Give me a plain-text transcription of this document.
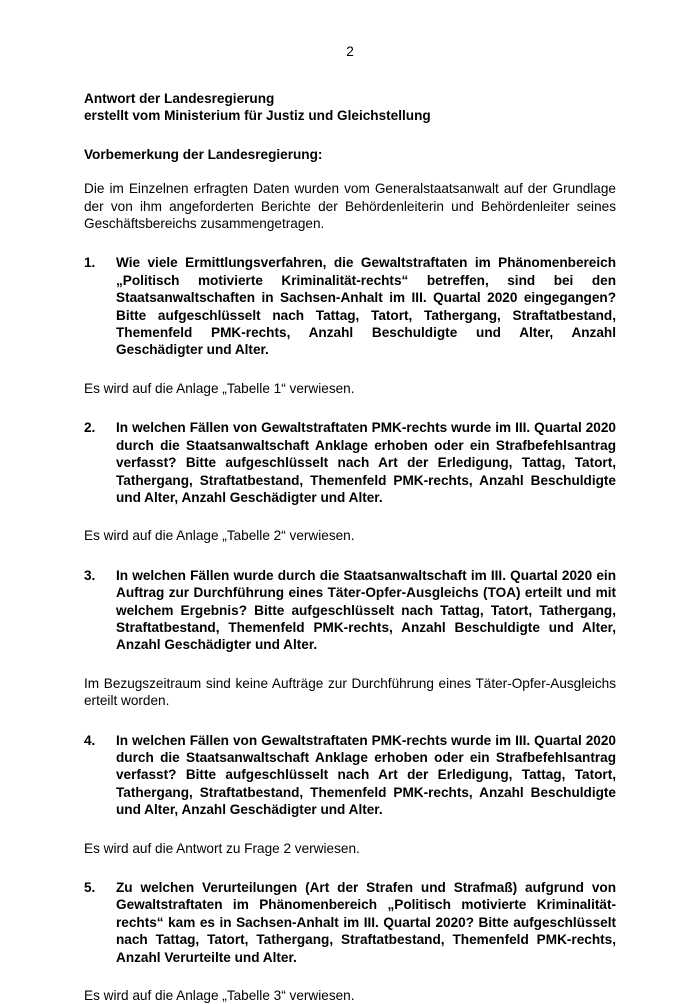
2

Antwort der Landesregierung

erstellt vom Ministerium für Justiz und Gleichstellung

Vorbemerkung der Landesregierung:

Die im Einzelnen erfragten Daten wurden vom Generalstaatsanwalt auf der Grundlage der von ihm angeforderten Berichte der Behördenleiterin und Behördenleiter seines Geschäftsbereichs zusammengetragen.

1.	Wie viele Ermittlungsverfahren, die Gewaltstraftaten im Phänomenbereich „Politisch motivierte Kriminalität-rechts“ betreffen, sind bei den Staatsanwaltschaften in Sachsen-Anhalt im III. Quartal 2020 eingegangen? Bitte aufgeschlüsselt nach Tattag, Tatort, Tathergang, Straftatbestand, Themenfeld PMK-rechts, Anzahl Beschuldigte und Alter, Anzahl Geschädigter und Alter.

Es wird auf die Anlage „Tabelle 1“ verwiesen.

2.	In welchen Fällen von Gewaltstraftaten PMK-rechts wurde im III. Quartal 2020 durch die Staatsanwaltschaft Anklage erhoben oder ein Strafbefehlsantrag verfasst? Bitte aufgeschlüsselt nach Art der Erledigung, Tattag, Tatort, Tathergang, Straftatbestand, Themenfeld PMK-rechts, Anzahl Beschuldigte und Alter, Anzahl Geschädigter und Alter.

Es wird auf die Anlage „Tabelle 2“ verwiesen.

3.	In welchen Fällen wurde durch die Staatsanwaltschaft im III. Quartal 2020 ein Auftrag zur Durchführung eines Täter-Opfer-Ausgleichs (TOA) erteilt und mit welchem Ergebnis? Bitte aufgeschlüsselt nach Tattag, Tatort, Tathergang, Straftatbestand, Themenfeld PMK-rechts, Anzahl Beschuldigte und Alter, Anzahl Geschädigter und Alter.

Im Bezugszeitraum sind keine Aufträge zur Durchführung eines Täter-Opfer-Ausgleichs erteilt worden.

4.	In welchen Fällen von Gewaltstraftaten PMK-rechts wurde im III. Quartal 2020 durch die Staatsanwaltschaft Anklage erhoben oder ein Strafbefehlsantrag verfasst? Bitte aufgeschlüsselt nach Art der Erledigung, Tattag, Tatort, Tathergang, Straftatbestand, Themenfeld PMK-rechts, Anzahl Beschuldigte und Alter, Anzahl Geschädigter und Alter.

Es wird auf die Antwort zu Frage 2 verwiesen.

5.	Zu welchen Verurteilungen (Art der Strafen und Strafmaß) aufgrund von Gewaltstraftaten im Phänomenbereich „Politisch motivierte Kriminalität-rechts“ kam es in Sachsen-Anhalt im III. Quartal 2020? Bitte aufgeschlüsselt nach Tattag, Tatort, Tathergang, Straftatbestand, Themenfeld PMK-rechts, Anzahl Verurteilte und Alter.

Es wird auf die Anlage „Tabelle 3“ verwiesen.
